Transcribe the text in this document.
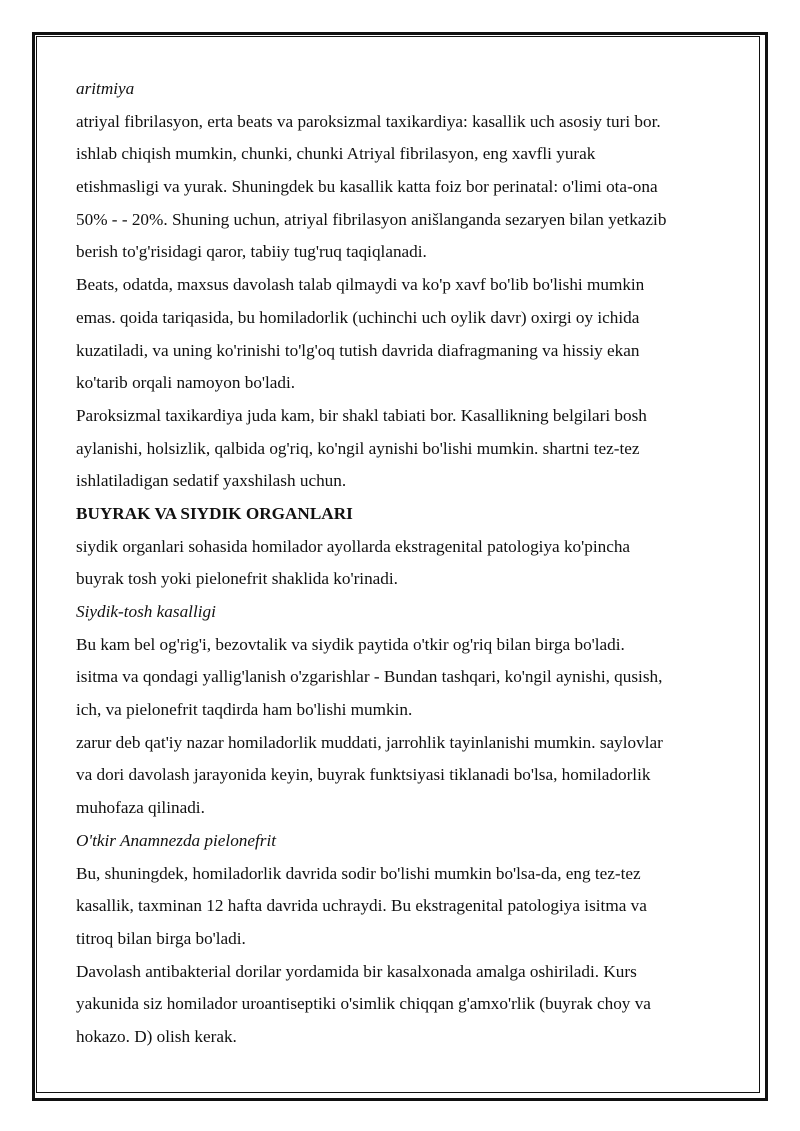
aritmiya

atriyal fibrilasyon, erta beats va paroksizmal taxikardiya: kasallik uch asosiy turi bor.

ishlab chiqish mumkin, chunki, chunki Atriyal fibrilasyon, eng xavfli yurak

etishmasligi va yurak. Shuningdek bu kasallik katta foiz bor perinatal: o'limi ota-ona

50% - - 20%. Shuning uchun, atriyal fibrilasyon anišlanganda sezaryen bilan yetkazib

berish to'g'risidagi qaror, tabiiy tug'ruq taqiqlanadi.

Beats, odatda, maxsus davolash talab qilmaydi va ko'p xavf bo'lib bo'lishi mumkin

emas. qoida tariqasida, bu homiladorlik (uchinchi uch oylik davr) oxirgi oy ichida

kuzatiladi, va uning ko'rinishi to'lg'oq tutish davrida diafragmaning va hissiy ekan

ko'tarib orqali namoyon bo'ladi.

Paroksizmal taxikardiya juda kam, bir shakl tabiati bor. Kasallikning belgilari bosh

aylanishi, holsizlik, qalbida og'riq, ko'ngil aynishi bo'lishi mumkin. shartni tez-tez

ishlatiladigan sedatif yaxshilash uchun.

BUYRAK VA SIYDIK ORGANLARI

siydik organlari sohasida homilador ayollarda ekstragenital patologiya ko'pincha

buyrak tosh yoki pielonefrit shaklida ko'rinadi.

Siydik-tosh kasalligi

Bu kam bel og'rig'i, bezovtalik va siydik paytida o'tkir og'riq bilan birga bo'ladi.

isitma va qondagi yallig'lanish o'zgarishlar - Bundan tashqari, ko'ngil aynishi, qusish,

ich, va pielonefrit taqdirda ham bo'lishi mumkin.

zarur deb qat'iy nazar homiladorlik muddati, jarrohlik tayinlanishi mumkin. saylovlar

va dori davolash jarayonida keyin, buyrak funktsiyasi tiklanadi bo'lsa, homiladorlik

muhofaza qilinadi.

O'tkir Anamnezda pielonefrit

Bu, shuningdek, homiladorlik davrida sodir bo'lishi mumkin bo'lsa-da, eng tez-tez

kasallik, taxminan 12 hafta davrida uchraydi. Bu ekstragenital patologiya isitma va

titroq bilan birga bo'ladi.

Davolash antibakterial dorilar yordamida bir kasalxonada amalga oshiriladi. Kurs

yakunida siz homilador uroantiseptiki o'simlik chiqqan g'amxo'rlik (buyrak choy va

hokazo. D) olish kerak.
